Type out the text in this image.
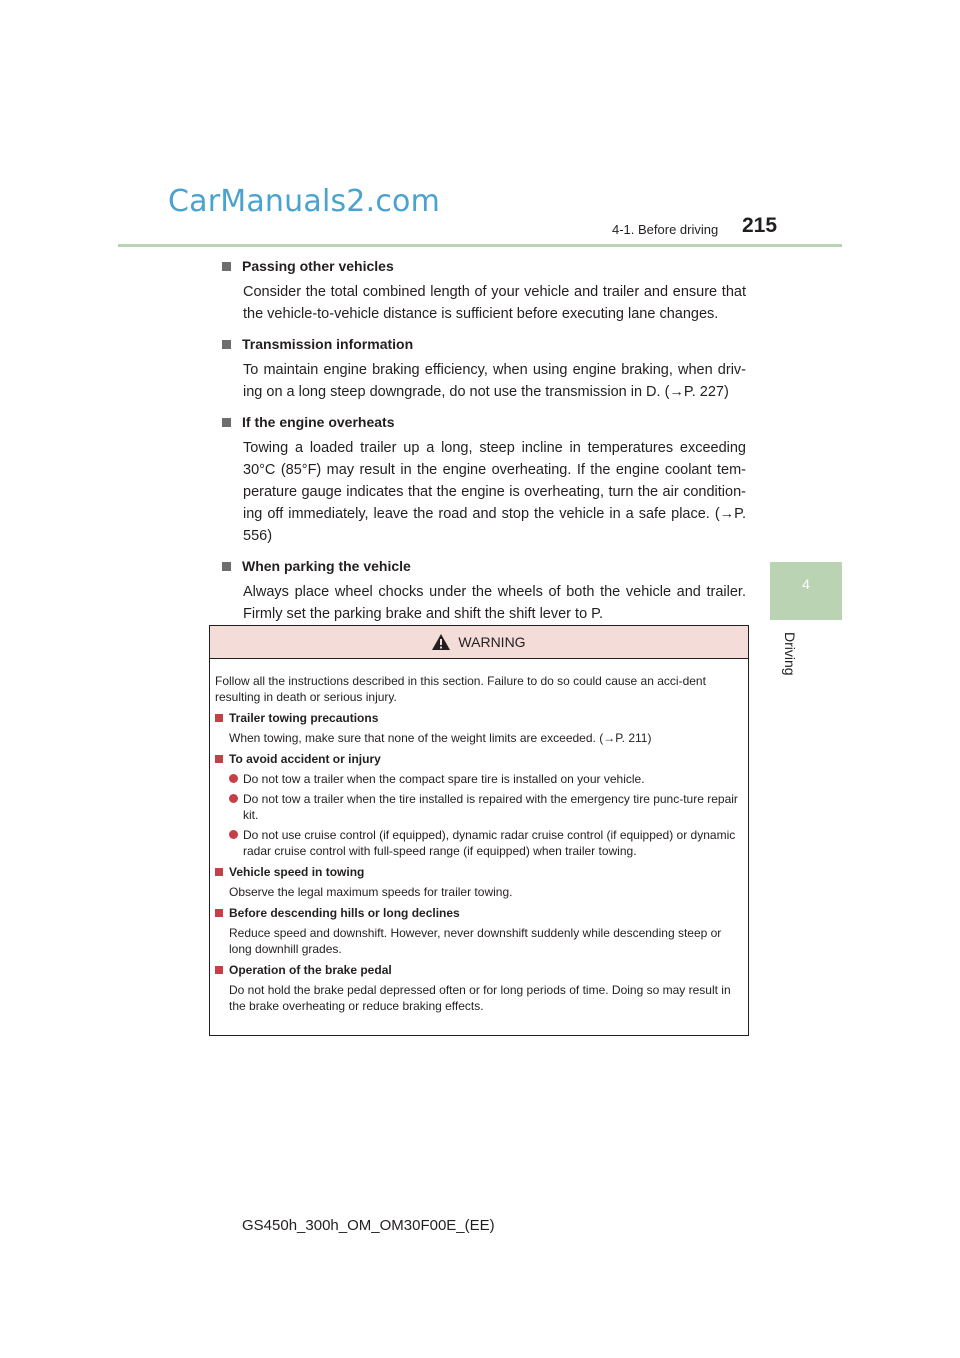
CarManuals2.com
4-1. Before driving 215
4
Driving
Passing other vehicles
Consider the total combined length of your vehicle and trailer and ensure that the vehicle-to-vehicle distance is sufficient before executing lane changes.
Transmission information
To maintain engine braking efficiency, when using engine braking, when driv-ing on a long steep downgrade, do not use the transmission in D. (→P. 227)
If the engine overheats
Towing a loaded trailer up a long, steep incline in temperatures exceeding 30°C (85°F) may result in the engine overheating. If the engine coolant tem-perature gauge indicates that the engine is overheating, turn the air condition-ing off immediately, leave the road and stop the vehicle in a safe place. (→P. 556)
When parking the vehicle
Always place wheel chocks under the wheels of both the vehicle and trailer. Firmly set the parking brake and shift the shift lever to P.
WARNING
Follow all the instructions described in this section. Failure to do so could cause an acci-dent resulting in death or serious injury.
Trailer towing precautions
When towing, make sure that none of the weight limits are exceeded. (→P. 211)
To avoid accident or injury
Do not tow a trailer when the compact spare tire is installed on your vehicle.
Do not tow a trailer when the tire installed is repaired with the emergency tire punc-ture repair kit.
Do not use cruise control (if equipped), dynamic radar cruise control (if equipped) or dynamic radar cruise control with full-speed range (if equipped) when trailer towing.
Vehicle speed in towing
Observe the legal maximum speeds for trailer towing.
Before descending hills or long declines
Reduce speed and downshift. However, never downshift suddenly while descending steep or long downhill grades.
Operation of the brake pedal
Do not hold the brake pedal depressed often or for long periods of time. Doing so may result in the brake overheating or reduce braking effects.
GS450h_300h_OM_OM30F00E_(EE)
